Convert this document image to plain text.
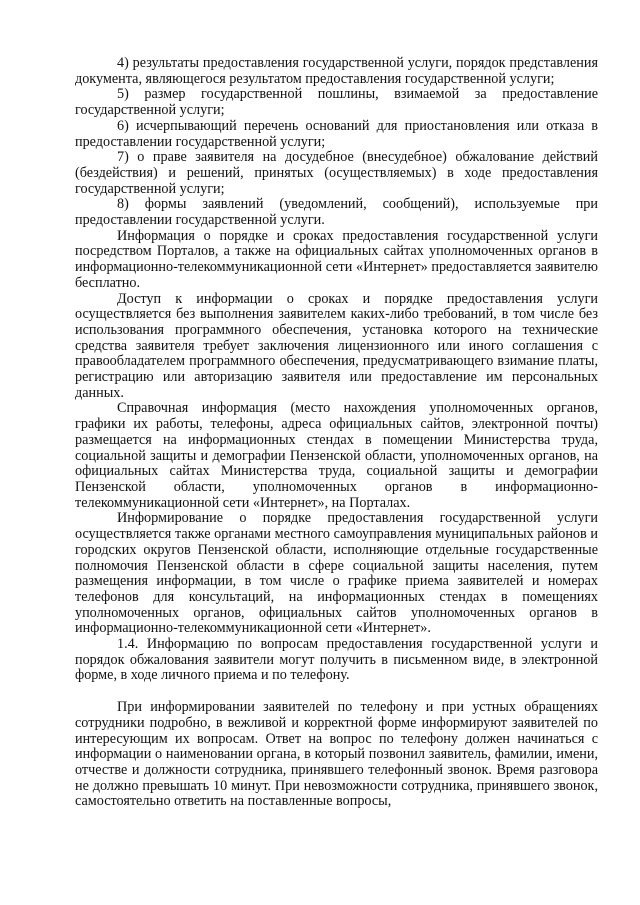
4) результаты предоставления государственной услуги, порядок представления документа, являющегося результатом предоставления государственной услуги;

5) размер государственной пошлины, взимаемой за предоставление государственной услуги;

6) исчерпывающий перечень оснований для приостановления или отказа в предоставлении государственной услуги;

7) о праве заявителя на досудебное (внесудебное) обжалование действий (бездействия) и решений, принятых (осуществляемых) в ходе предоставления государственной услуги;

8) формы заявлений (уведомлений, сообщений), используемые при предоставлении государственной услуги.

Информация о порядке и сроках предоставления государственной услуги посредством Порталов, а также на официальных сайтах уполномоченных органов в информационно-телекоммуникационной сети «Интернет» предоставляется заявителю бесплатно.

Доступ к информации о сроках и порядке предоставления услуги осуществляется без выполнения заявителем каких-либо требований, в том числе без использования программного обеспечения, установка которого на технические средства заявителя требует заключения лицензионного или иного соглашения с правообладателем программного обеспечения, предусматривающего взимание платы, регистрацию или авторизацию заявителя или предоставление им персональных данных.

Справочная информация (место нахождения уполномоченных органов, графики их работы, телефоны, адреса официальных сайтов, электронной почты) размещается на информационных стендах в помещении Министерства труда, социальной защиты и демографии Пензенской области, уполномоченных органов, на официальных сайтах Министерства труда, социальной защиты и демографии Пензенской области, уполномоченных органов в информационно-телекоммуникационной сети «Интернет», на Порталах.

Информирование о порядке предоставления государственной услуги осуществляется также органами местного самоуправления муниципальных районов и городских округов Пензенской области, исполняющие отдельные государственные полномочия Пензенской области в сфере социальной защиты населения, путем размещения информации, в том числе о графике приема заявителей и номерах телефонов для консультаций, на информационных стендах в помещениях уполномоченных органов, официальных сайтов уполномоченных органов в информационно-телекоммуникационной сети «Интернет».

1.4. Информацию по вопросам предоставления государственной услуги и порядок обжалования заявители могут получить в письменном виде, в электронной форме, в ходе личного приема и по телефону.

При информировании заявителей по телефону и при устных обращениях сотрудники подробно, в вежливой и корректной форме информируют заявителей по интересующим их вопросам. Ответ на вопрос по телефону должен начинаться с информации о наименовании органа, в который позвонил заявитель, фамилии, имени, отчестве и должности сотрудника, принявшего телефонный звонок. Время разговора не должно превышать 10 минут. При невозможности сотрудника, принявшего звонок, самостоятельно ответить на поставленные вопросы,
